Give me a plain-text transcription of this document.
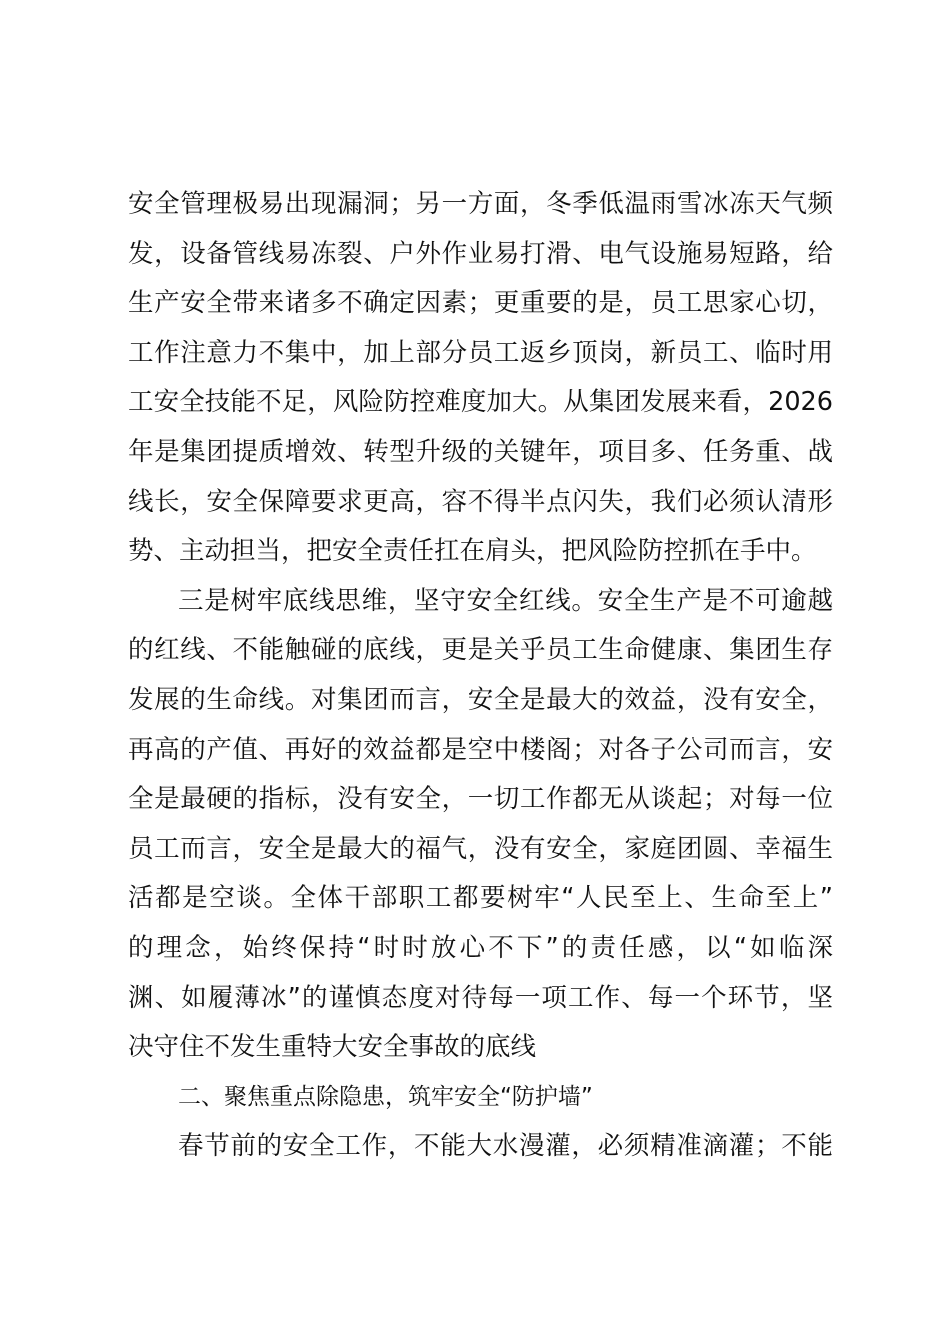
安全管理极易出现漏洞；另一方面，冬季低温雨雪冰冻天气频
发，设备管线易冻裂、户外作业易打滑、电气设施易短路，给
生产安全带来诸多不确定因素；更重要的是，员工思家心切，
工作注意力不集中，加上部分员工返乡顶岗，新员工、临时用
工安全技能不足，风险防控难度加大。从集团发展来看，2026
年是集团提质增效、转型升级的关键年，项目多、任务重、战
线长，安全保障要求更高，容不得半点闪失，我们必须认清形
势、主动担当，把安全责任扛在肩头，把风险防控抓在手中。
三是树牢底线思维，坚守安全红线。安全生产是不可逾越
的红线、不能触碰的底线，更是关乎员工生命健康、集团生存
发展的生命线。对集团而言，安全是最大的效益，没有安全，
再高的产值、再好的效益都是空中楼阁；对各子公司而言，安
全是最硬的指标，没有安全，一切工作都无从谈起；对每一位
员工而言，安全是最大的福气，没有安全，家庭团圆、幸福生
活都是空谈。全体干部职工都要树牢“人民至上、生命至上”
的理念，始终保持“时时放心不下”的责任感，以“如临深
渊、如履薄冰”的谨慎态度对待每一项工作、每一个环节，坚
决守住不发生重特大安全事故的底线
二、聚焦重点除隐患，筑牢安全“防护墙”
春节前的安全工作，不能大水漫灌，必须精准滴灌；不能
